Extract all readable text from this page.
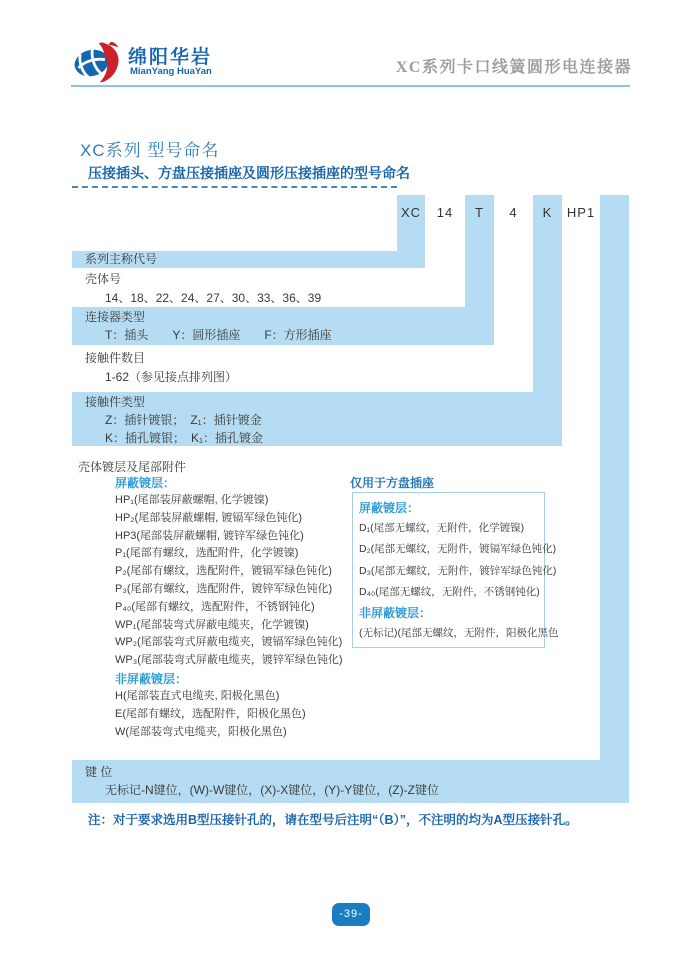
绵阳华岩
MianYang HuaYan	XC系列卡口线簧圆形电连接器
XC系列 型号命名
压接插头、方盘压接插座及圆形压接插座的型号命名
XC	14	T	4	K	HP1
系列主称代号
壳体号
14、18、22、24、27、30、33、36、39
连接器类型
T：插头　　Y：圆形插座　　F：方形插座
接触件数目
1-62（参见接点排列图）
接触件类型
Z：插针镀银；　Z₁：插针镀金
K：插孔镀银；　K₁：插孔镀金
壳体镀层及尾部附件
屏蔽镀层：
HP₁(尾部装屏蔽螺帽, 化学镀镍)
HP₂(尾部装屏蔽螺帽, 镀镉军绿色钝化)
HP3(尾部装屏蔽螺帽, 镀锌军绿色钝化)
P₁(尾部有螺纹，选配附件，化学镀镍)
P₂(尾部有螺纹，选配附件，镀镉军绿色钝化)
P₃(尾部有螺纹，选配附件，镀锌军绿色钝化)
P₄₀(尾部有螺纹，选配附件，不锈钢钝化)
WP₁(尾部装弯式屏蔽电缆夹，化学镀镍)
WP₂(尾部装弯式屏蔽电缆夹，镀镉军绿色钝化)
WP₃(尾部装弯式屏蔽电缆夹，镀锌军绿色钝化)
非屏蔽镀层：
H(尾部装直式电缆夹, 阳极化黑色)
E(尾部有螺纹，选配附件，阳极化黑色)
W(尾部装弯式电缆夹，阳极化黑色)
仅用于方盘插座
屏蔽镀层：
D₁(尾部无螺纹，无附件，化学镀镍)
D₂(尾部无螺纹，无附件，镀镉军绿色钝化)
D₃(尾部无螺纹，无附件，镀锌军绿色钝化)
D₄₀(尾部无螺纹，无附件，不锈钢钝化)
非屏蔽镀层：
(无标记)(尾部无螺纹，无附件，阳极化黑色
键 位
无标记-N键位，(W)-W键位，(X)-X键位，(Y)-Y键位，(Z)-Z键位
注：对于要求选用B型压接针孔的，请在型号后注明“（B）”，不注明的均为A型压接针孔。
-39-
